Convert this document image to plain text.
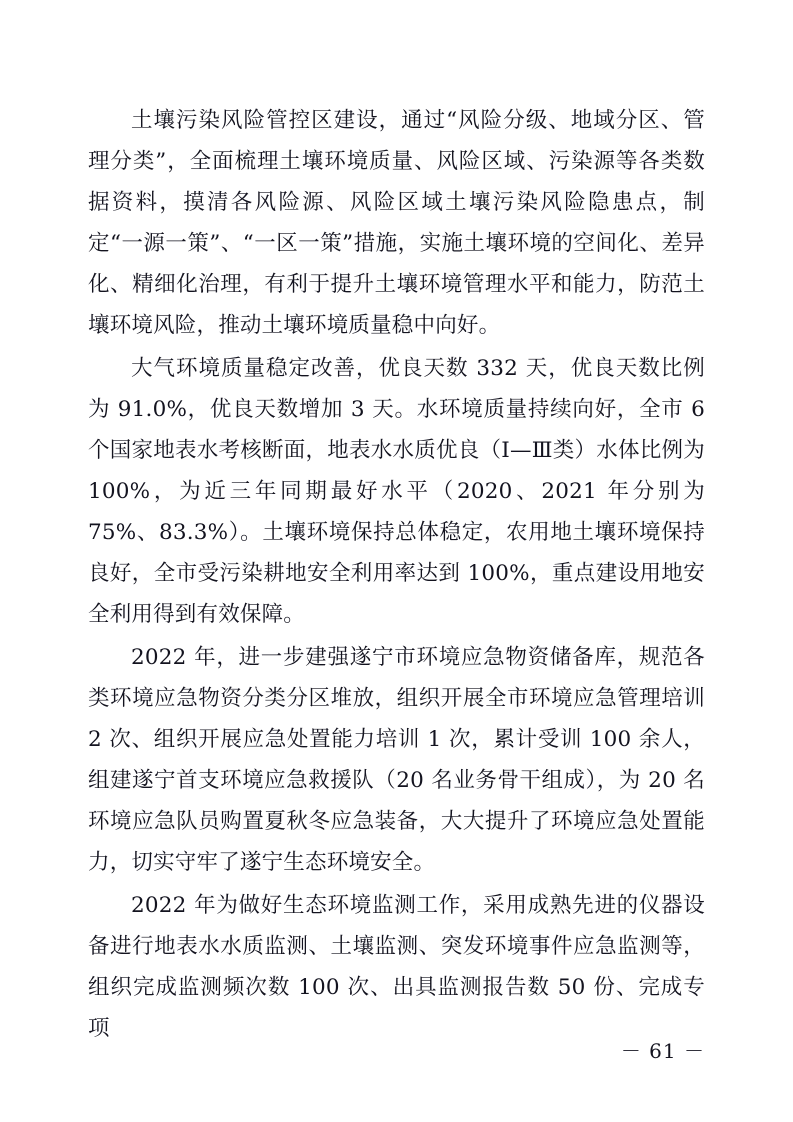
土壤污染风险管控区建设，通过“风险分级、地域分区、管理分类”，全面梳理土壤环境质量、风险区域、污染源等各类数据资料，摸清各风险源、风险区域土壤污染风险隐患点，制定“一源一策”、“一区一策”措施，实施土壤环境的空间化、差异化、精细化治理，有利于提升土壤环境管理水平和能力，防范土壤环境风险，推动土壤环境质量稳中向好。

大气环境质量稳定改善，优良天数 332 天，优良天数比例为 91.0%，优良天数增加 3 天。水环境质量持续向好，全市 6 个国家地表水考核断面，地表水水质优良（Ⅰ—Ⅲ类）水体比例为 100%，为近三年同期最好水平（2020、2021 年分别为 75%、83.3%）。土壤环境保持总体稳定，农用地土壤环境保持良好，全市受污染耕地安全利用率达到 100%，重点建设用地安全利用得到有效保障。

2022 年，进一步建强遂宁市环境应急物资储备库，规范各类环境应急物资分类分区堆放，组织开展全市环境应急管理培训 2 次、组织开展应急处置能力培训 1 次，累计受训 100 余人，组建遂宁首支环境应急救援队（20 名业务骨干组成），为 20 名环境应急队员购置夏秋冬应急装备，大大提升了环境应急处置能力，切实守牢了遂宁生态环境安全。

2022 年为做好生态环境监测工作，采用成熟先进的仪器设备进行地表水水质监测、土壤监测、突发环境事件应急监测等，组织完成监测频次数 100 次、出具监测报告数 50 份、完成专项

－ 61 －
